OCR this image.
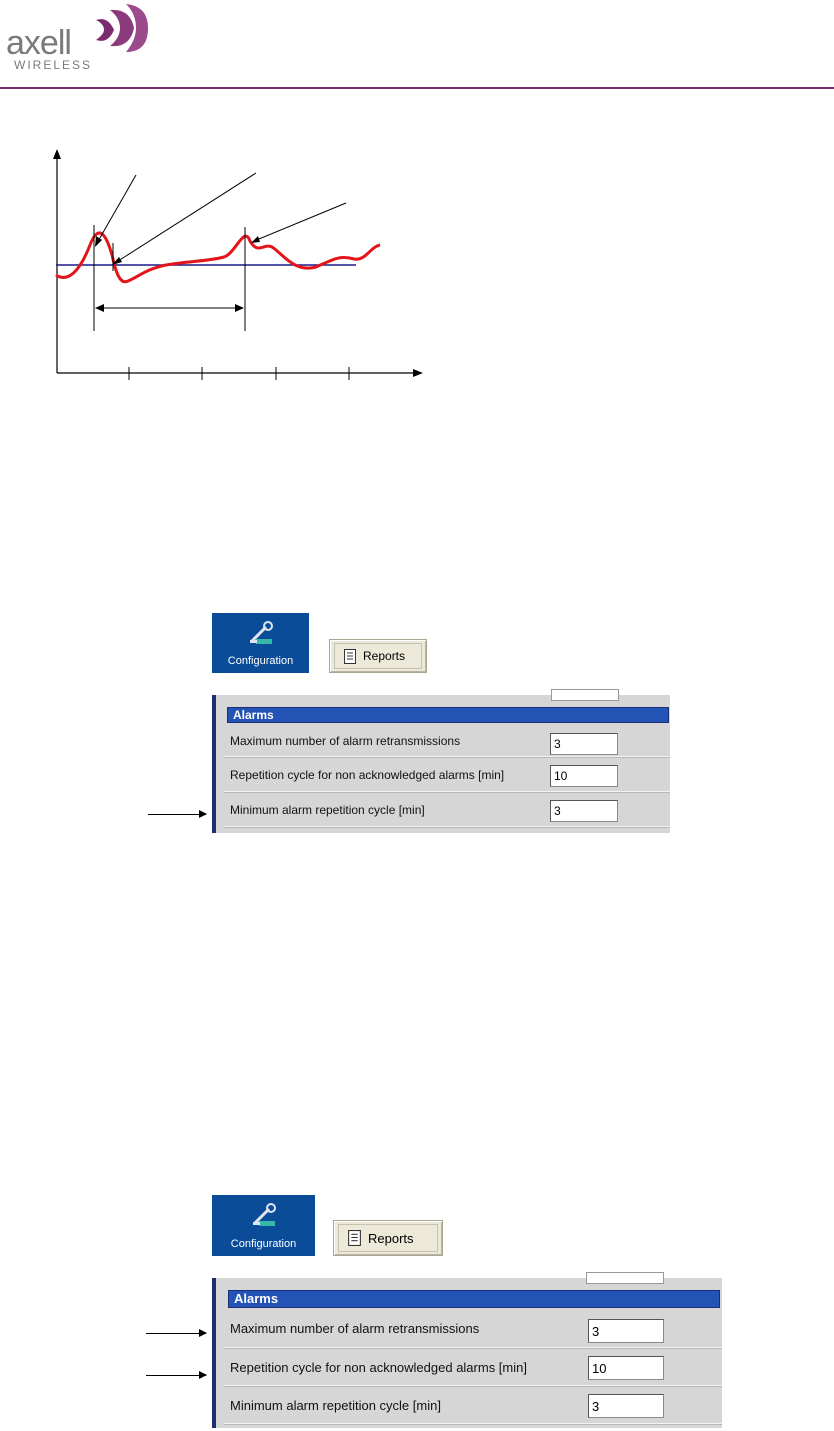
axell
WIRELESS
Configuration	Reports
Alarms
Maximum number of alarm retransmissions	3
Repetition cycle for non acknowledged alarms [min]	10
Minimum alarm repetition cycle [min]	3
Configuration	Reports
Alarms
Maximum number of alarm retransmissions	3
Repetition cycle for non acknowledged alarms [min]	10
Minimum alarm repetition cycle [min]	3
